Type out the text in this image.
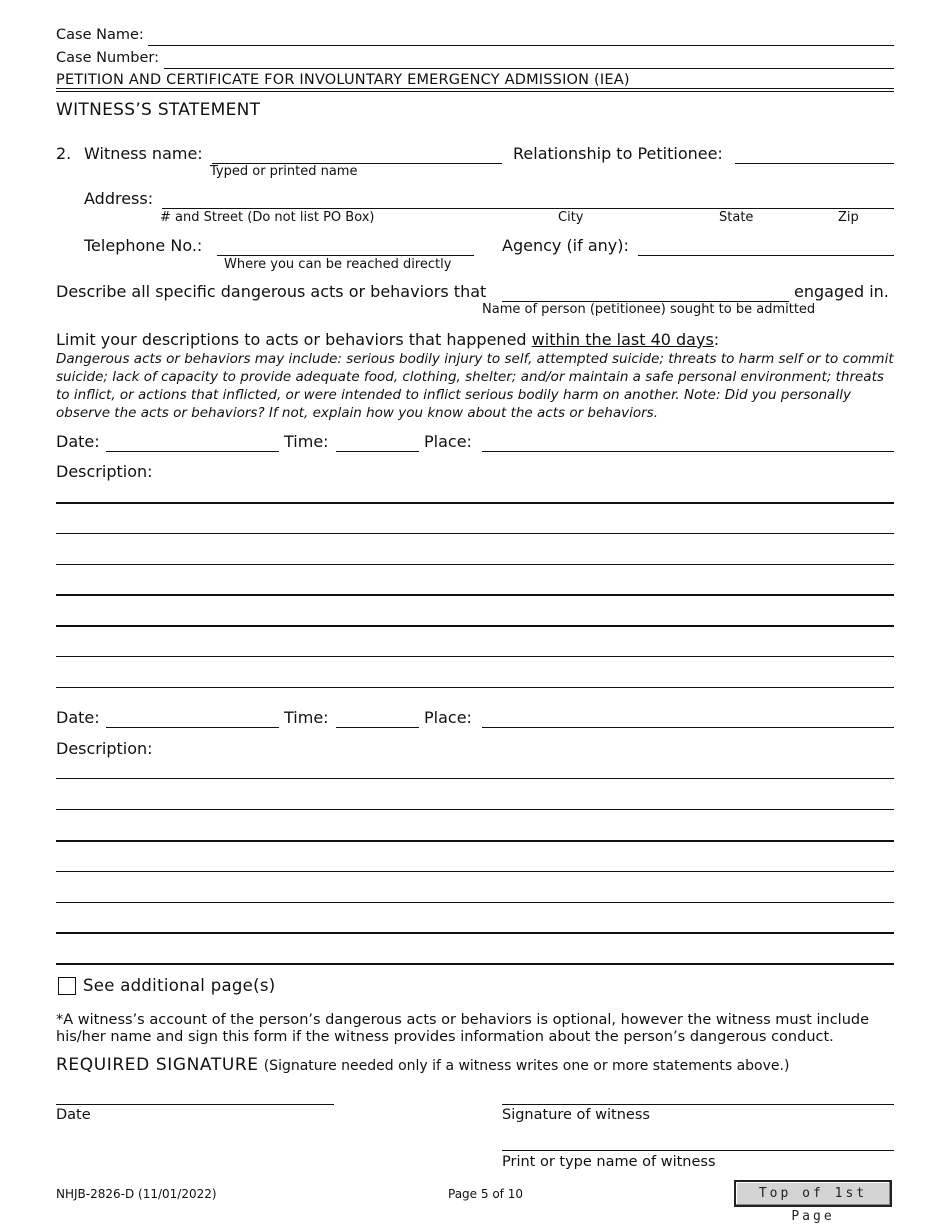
Case Name:
Case Number:
PETITION AND CERTIFICATE FOR INVOLUNTARY EMERGENCY ADMISSION (IEA)
WITNESS’S STATEMENT
2. Witness name:
Typed or printed name
Relationship to Petitionee:
Address:
# and Street (Do not list PO Box)	City	State	Zip
Telephone No.:
Where you can be reached directly
Agency (if any):
Describe all specific dangerous acts or behaviors that	engaged in.
Name of person (petitionee) sought to be admitted
Limit your descriptions to acts or behaviors that happened within the last 40 days:
Dangerous acts or behaviors may include: serious bodily injury to self, attempted suicide; threats to harm self or to commit suicide; lack of capacity to provide adequate food, clothing, shelter; and/or maintain a safe personal environment; threats to inflict, or actions that inflicted, or were intended to inflict serious bodily harm on another. Note: Did you personally observe the acts or behaviors? If not, explain how you know about the acts or behaviors.
Date:	Time:	Place:
Description:
Date:	Time:	Place:
Description:
See additional page(s)
*A witness’s account of the person’s dangerous acts or behaviors is optional, however the witness must include his/her name and sign this form if the witness provides information about the person’s dangerous conduct.
REQUIRED SIGNATURE (Signature needed only if a witness writes one or more statements above.)
Date	Signature of witness
Print or type name of witness
NHJB-2826-D (11/01/2022)	Page 5 of 10	Top of 1st Page
